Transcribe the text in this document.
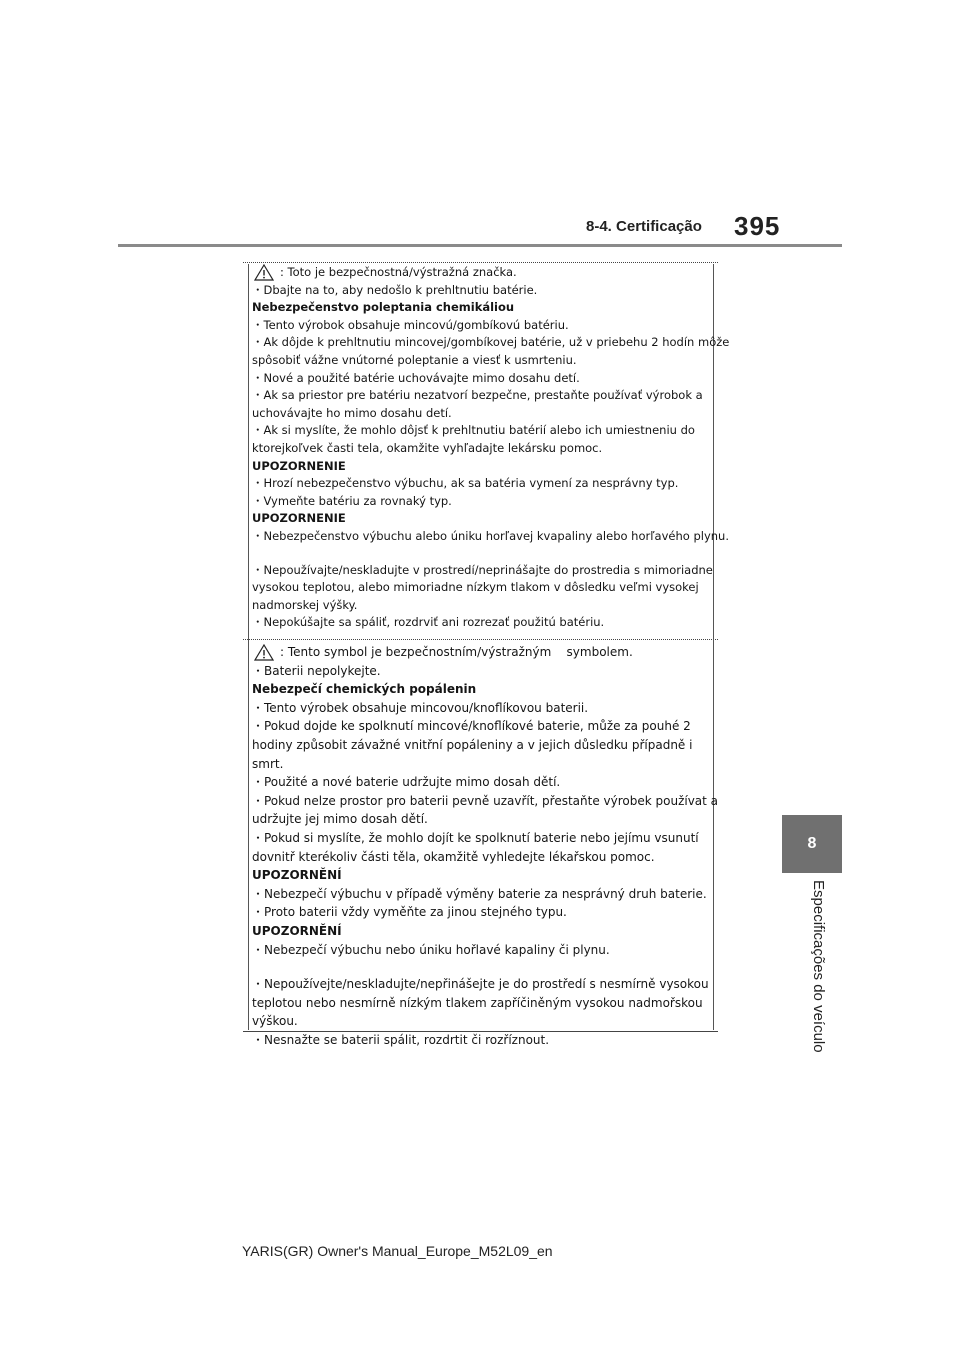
8-4. Certificação 395
8
Especificações do veículo
: Toto je bezpečnostná/výstražná značka.
・Dbajte na to, aby nedošlo k prehltnutiu batérie.
Nebezpečenstvo poleptania chemikáliou
・Tento výrobok obsahuje mincovú/gombíkovú batériu.
・Ak dôjde k prehltnutiu mincovej/gombíkovej batérie, už v priebehu 2 hodín môže
spôsobiť vážne vnútorné poleptanie a viesť k usmrteniu.
・Nové a použité batérie uchovávajte mimo dosahu detí.
・Ak sa priestor pre batériu nezatvorí bezpečne, prestaňte používať výrobok a
uchovávajte ho mimo dosahu detí.
・Ak si myslíte, že mohlo dôjsť k prehltnutiu batérií alebo ich umiestneniu do
ktorejkoľvek časti tela, okamžite vyhľadajte lekársku pomoc.
UPOZORNENIE
・Hrozí nebezpečenstvo výbuchu, ak sa batéria vymení za nesprávny typ.
・Vymeňte batériu za rovnaký typ.
UPOZORNENIE
・Nebezpečenstvo výbuchu alebo úniku horľavej kvapaliny alebo horľavého plynu.
・Nepoužívajte/neskladujte v prostredí/neprinášajte do prostredia s mimoriadne
vysokou teplotou, alebo mimoriadne nízkym tlakom v dôsledku veľmi vysokej
nadmorskej výšky.
・Nepokúšajte sa spáliť, rozdrviť ani rozrezať použitú batériu.
: Tento symbol je bezpečnostním/výstražným    symbolem.
・Baterii nepolykejte.
Nebezpečí chemických popálenin
・Tento výrobek obsahuje mincovou/knoflíkovou baterii.
・Pokud dojde ke spolknutí mincové/knoflíkové baterie, může za pouhé 2
hodiny způsobit závažné vnitřní popáleniny a v jejich důsledku případně i
smrt.
・Použité a nové baterie udržujte mimo dosah dětí.
・Pokud nelze prostor pro baterii pevně uzavřít, přestaňte výrobek používat a
udržujte jej mimo dosah dětí.
・Pokud si myslíte, že mohlo dojít ke spolknutí baterie nebo jejímu vsunutí
dovnitř kterékoliv části těla, okamžitě vyhledejte lékařskou pomoc.
UPOZORNĚNÍ
・Nebezpečí výbuchu v případě výměny baterie za nesprávný druh baterie.
・Proto baterii vždy vyměňte za jinou stejného typu.
UPOZORNĚNÍ
・Nebezpečí výbuchu nebo úniku hořlavé kapaliny či plynu.
・Nepoužívejte/neskladujte/nepřinášejte je do prostředí s nesmírně vysokou
teplotou nebo nesmírně nízkým tlakem zapříčiněným vysokou nadmořskou
výškou.
・Nesnažte se baterii spálit, rozdrtit či rozříznout.
YARIS(GR) Owner's Manual_Europe_M52L09_en
